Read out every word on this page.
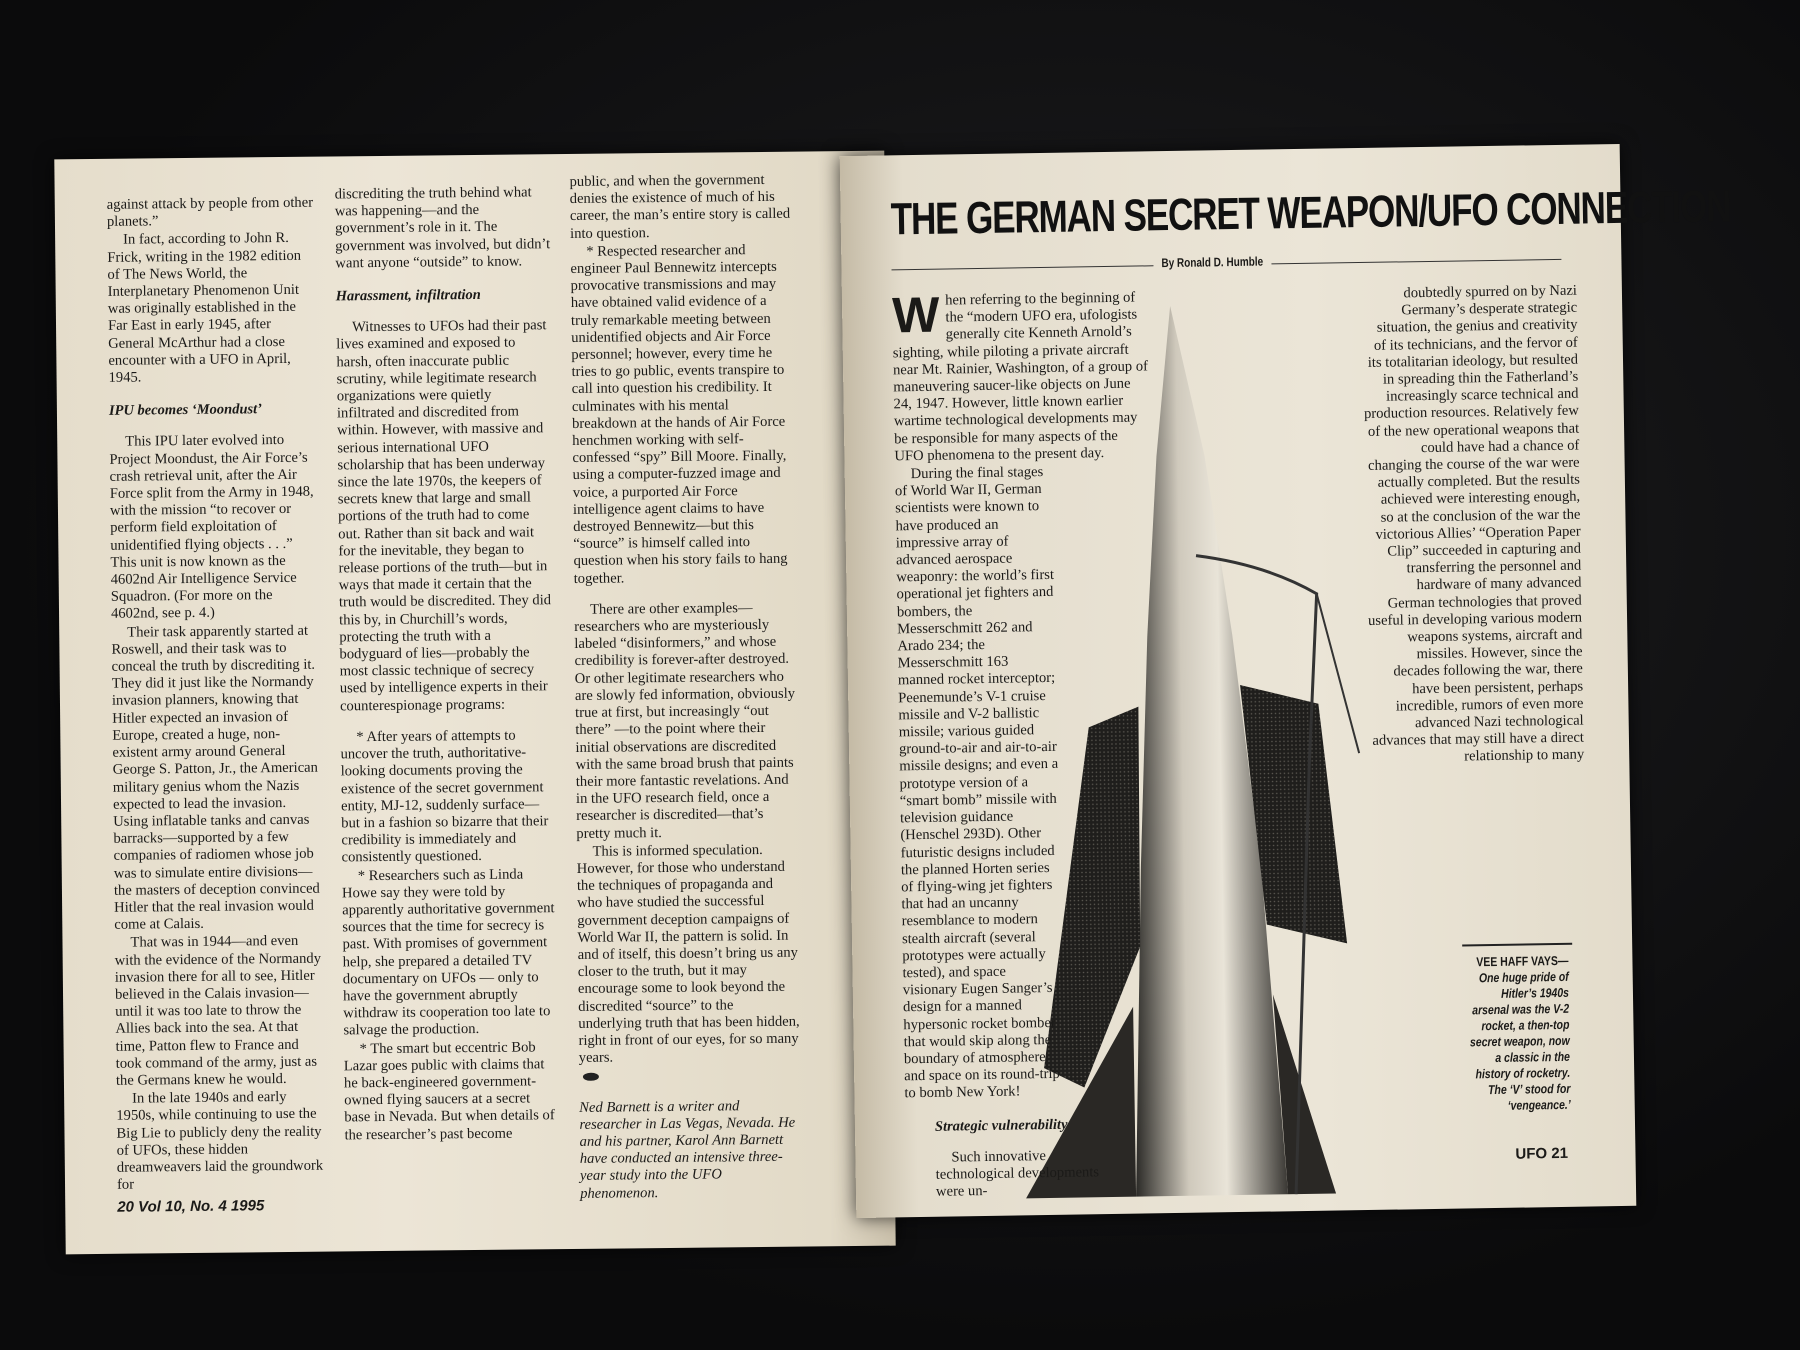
against attack by people from other planets.”

In fact, according to John R. Frick, writing in the 1982 edition of The News World, the Interplanetary Phenomenon Unit was originally established in the Far East in early 1945, after General McArthur had a close encounter with a UFO in April, 1945.

IPU becomes ‘Moondust’

This IPU later evolved into Project Moondust, the Air Force’s crash retrieval unit, after the Air Force split from the Army in 1948, with the mission “to recover or perform field exploitation of unidentified flying objects . . .” This unit is now known as the 4602nd Air Intelligence Service Squadron. (For more on the 4602nd, see p. 4.)

Their task apparently started at Roswell, and their task was to conceal the truth by discrediting it. They did it just like the Normandy invasion planners, knowing that Hitler expected an invasion of Europe, created a huge, non-existent army around General George S. Patton, Jr., the American military genius whom the Nazis expected to lead the invasion. Using inflatable tanks and canvas barracks—supported by a few companies of radiomen whose job was to simulate entire divisions—the masters of deception convinced Hitler that the real invasion would come at Calais.

That was in 1944—and even with the evidence of the Normandy invasion there for all to see, Hitler believed in the Calais invasion—until it was too late to throw the Allies back into the sea. At that time, Patton flew to France and took command of the army, just as the Germans knew he would.

In the late 1940s and early 1950s, while continuing to use the Big Lie to publicly deny the reality of UFOs, these hidden dreamweavers laid the groundwork for

discrediting the truth behind what was happening—and the government’s role in it. The government was involved, but didn’t want anyone “outside” to know.

Harassment, infiltration

Witnesses to UFOs had their past lives examined and exposed to harsh, often inaccurate public scrutiny, while legitimate research organizations were quietly infiltrated and discredited from within. However, with massive and serious international UFO scholarship that has been underway since the late 1970s, the keepers of secrets knew that large and small portions of the truth had to come out. Rather than sit back and wait for the inevitable, they began to release portions of the truth—but in ways that made it certain that the truth would be discredited. They did this by, in Churchill’s words, protecting the truth with a bodyguard of lies—probably the most classic technique of secrecy used by intelligence experts in their counterespionage programs:

* After years of attempts to uncover the truth, authoritative-looking documents proving the existence of the secret government entity, MJ-12, suddenly surface—but in a fashion so bizarre that their credibility is immediately and consistently questioned.

* Researchers such as Linda Howe say they were told by apparently authoritative government sources that the time for secrecy is past. With promises of government help, she prepared a detailed TV documentary on UFOs — only to have the government abruptly withdraw its cooperation too late to salvage the production.

* The smart but eccentric Bob Lazar goes public with claims that he back-engineered government-owned flying saucers at a secret base in Nevada. But when details of the researcher’s past become

public, and when the government denies the existence of much of his career, the man’s entire story is called into question.

* Respected researcher and engineer Paul Bennewitz intercepts provocative transmissions and may have obtained valid evidence of a truly remarkable meeting between unidentified objects and Air Force personnel; however, every time he tries to go public, events transpire to call into question his credibility. It culminates with his mental breakdown at the hands of Air Force henchmen working with self-confessed “spy” Bill Moore. Finally, using a computer-fuzzed image and voice, a purported Air Force intelligence agent claims to have destroyed Bennewitz—but this “source” is himself called into question when his story fails to hang together.

There are other examples—researchers who are mysteriously labeled “disinformers,” and whose credibility is forever-after destroyed. Or other legitimate researchers who are slowly fed information, obviously true at first, but increasingly “out there” —to the point where their initial observations are discredited with the same broad brush that paints their more fantastic revelations. And in the UFO research field, once a researcher is discredited—that’s pretty much it.

This is informed speculation. However, for those who understand the techniques of propaganda and who have studied the successful government deception campaigns of World War II, the pattern is solid. In and of itself, this doesn’t bring us any closer to the truth, but it may encourage some to look beyond the discredited “source” to the underlying truth that has been hidden, right in front of our eyes, for so many years.

Ned Barnett is a writer and researcher in Las Vegas, Nevada. He and his partner, Karol Ann Barnett have conducted an intensive three-year study into the UFO phenomenon.

20 Vol 10, No. 4 1995
THE GERMAN SECRET WEAPON/UFO CONNECTION
By Ronald D. Humble

W hen referring to the beginning of the “modern UFO era, ufologists generally cite Kenneth Arnold’s sighting, while piloting a private aircraft near Mt. Rainier, Washington, of a group of maneuvering saucer-like objects on June 24, 1947. However, little known earlier wartime technological developments may be responsible for many aspects of the UFO phenomena to the present day.

During the final stages of World War II, German scientists were known to have produced an impressive array of advanced aerospace weaponry: the world’s first operational jet fighters and bombers, the Messerschmitt 262 and Arado 234; the Messerschmitt 163 manned rocket interceptor; Peenemunde’s V-1 cruise missile and V-2 ballistic missile; various guided ground-to-air and air-to-air missile designs; and even a prototype version of a “smart bomb” missile with television guidance (Henschel 293D). Other futuristic designs included the planned Horten series of flying-wing jet fighters that had an uncanny resemblance to modern stealth aircraft (several prototypes were actually tested), and space visionary Eugen Sanger’s design for a manned hypersonic rocket bomber that would skip along the boundary of atmosphere and space on its round-trip to bomb New York!

Strategic vulnerability

Such innovative technological developments were un-

doubtedly spurred on by Nazi Germany’s desperate strategic situation, the genius and creativity of its technicians, and the fervor of its totalitarian ideology, but resulted in spreading thin the Fatherland’s increasingly scarce technical and production resources. Relatively few of the new operational weapons that could have had a chance of changing the course of the war were actually completed. But the results achieved were interesting enough, so at the conclusion of the war the victorious Allies’ “Operation Paper Clip” succeeded in capturing and transferring the personnel and hardware of many advanced German technologies that proved useful in developing various modern weapons systems, aircraft and missiles. However, since the decades following the war, there have been persistent, perhaps incredible, rumors of even more advanced Nazi technological advances that may still have a direct relationship to many

VEE HAFF VAYS—One huge pride of Hitler’s 1940s arsenal was the V-2 rocket, a then-top secret weapon, now a classic in the history of rocketry. The ‘V’ stood for ‘vengeance.’
UFO 21
